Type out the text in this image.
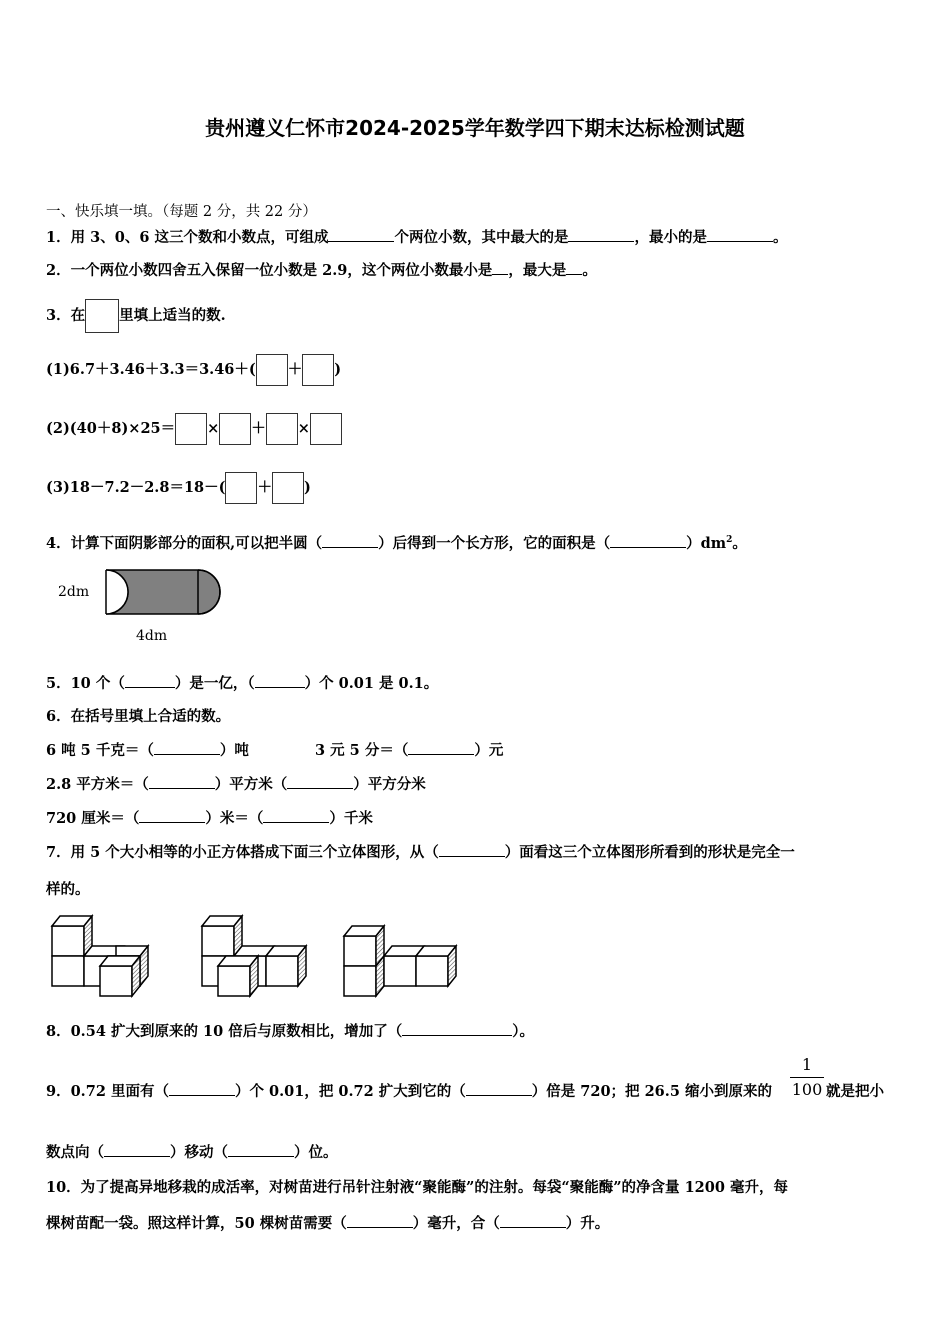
贵州遵义仁怀市2024-2025学年数学四下期末达标检测试题
一、快乐填一填。（每题 2 分，共 22 分）
1．用 3、0、6 这三个数和小数点，可组成	个两位小数，其中最大的是	，最小的是	。
2．一个两位小数四舍五入保留一位小数是 2.9，这个两位小数最小是 ，最大是 。
3．在 里填上适当的数.
(1)6.7＋3.46＋3.3＝3.46＋( ＋ )
(2)(40＋8)×25＝ × ＋ ×
(3)18－7.2－2.8＝18－( ＋ )
4．计算下面阴影部分的面积,可以把半圆（	）后得到一个长方形，它的面积是（	）$dm^2$。
2dm
4dm
5．10 个（	）是一亿，（	）个 0.01 是 0.1。
6．在括号里填上合适的数。
6 吨 5 千克＝（	）吨	3 元 5 分＝（	）元
2.8 平方米＝（	）平方米（	）平方分米
720 厘米＝（	）米＝（	）千米
7．用 5 个大小相等的小正方体搭成下面三个立体图形，从（	）面看这三个立体图形所看到的形状是完全一
样的。
8．0.54 扩大到原来的 10 倍后与原数相比，增加了（	）。
9．0.72 里面有（	）个 0.01，把 0.72 扩大到它的（	）倍是 720；把 26.5 缩小到原来的
1
100 就是把小
数点向（	）移动（	）位。
10．为了提高异地移栽的成活率，对树苗进行吊针注射液“聚能酶”的注射。每袋“聚能酶”的净含量 1200 毫升，每
棵树苗配一袋。照这样计算，50 棵树苗需要（	）毫升，合（	）升。
